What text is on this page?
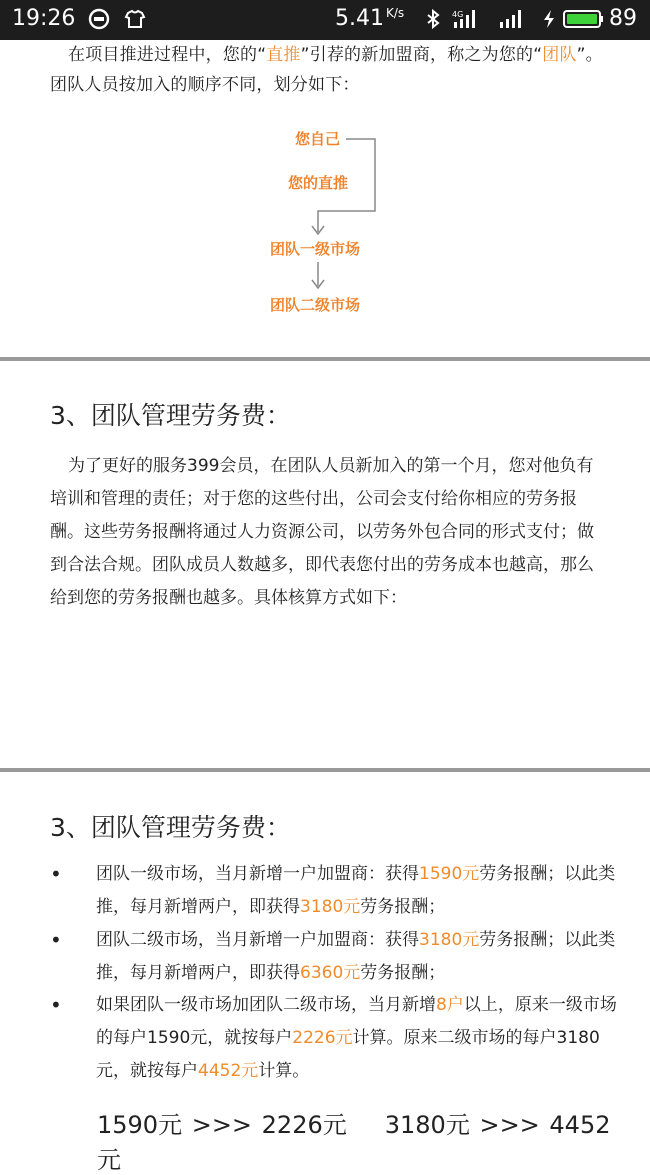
19:26	5.41 $^{K/s}$	4G	89
在项目推进过程中，您的“直推”引荐的新加盟商，称之为您的“团队”。团队人员按加入的顺序不同，划分如下：
您自己
您的直推
团队一级市场
团队二级市场
3、团队管理劳务费：
为了更好的服务399会员，在团队人员新加入的第一个月，您对他负有培训和管理的责任；对于您的这些付出，公司会支付给你相应的劳务报酬。这些劳务报酬将通过人力资源公司，以劳务外包合同的形式支付；做到合法合规。团队成员人数越多，即代表您付出的劳务成本也越高，那么给到您的劳务报酬也越多。具体核算方式如下：
3、团队管理劳务费：
•	团队一级市场，当月新增一户加盟商：获得1590元劳务报酬；以此类推，每月新增两户，即获得3180元劳务报酬；
•	团队二级市场，当月新增一户加盟商：获得3180元劳务报酬；以此类推，每月新增两户，即获得6360元劳务报酬；
•	如果团队一级市场加团队二级市场，当月新增8户以上，原来一级市场的每户1590元，就按每户2226元计算。原来二级市场的每户3180元，就按每户4452元计算。
1590元 >>> 2226元 3180元 >>> 4452元
